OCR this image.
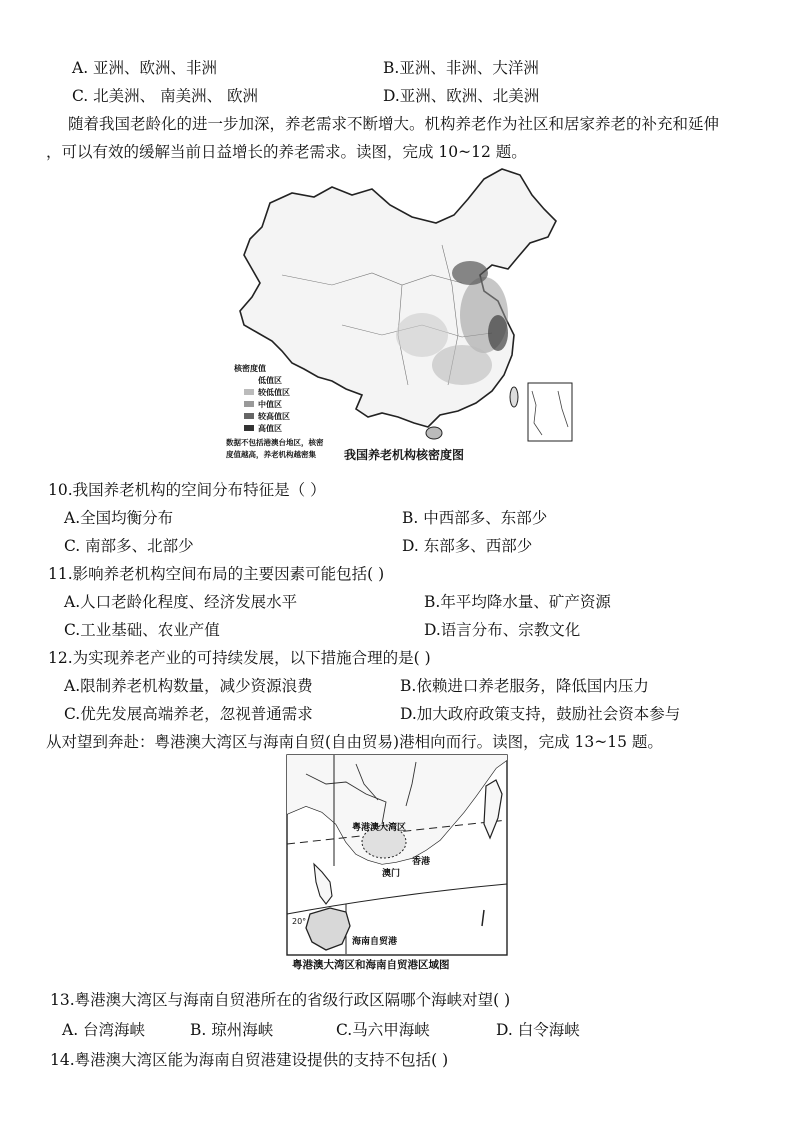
A. 亚洲、欧洲、非洲	B.亚洲、非洲、大洋洲
C. 北美洲、 南美洲、 欧洲	D.亚洲、欧洲、北美洲
随着我国老龄化的进一步加深，养老需求不断增大。机构养老作为社区和居家养老的补充和延伸
，可以有效的缓解当前日益增长的养老需求。读图，完成 10~12 题。
核密度值
低值区
较低值区
中值区
较高值区
高值区
数据不包括港澳台地区，核密
度值越高，养老机构越密集 我国养老机构核密度图
10.我国养老机构的空间分布特征是（ ）
A.全国均衡分布	B. 中西部多、东部少
C. 南部多、北部少	D. 东部多、西部少
11.影响养老机构空间布局的主要因素可能包括( )
A.人口老龄化程度、经济发展水平	B.年平均降水量、矿产资源
C.工业基础、农业产值	D.语言分布、宗教文化
12.为实现养老产业的可持续发展，以下措施合理的是( )
A.限制养老机构数量，减少资源浪费	B.依赖进口养老服务，降低国内压力
C.优先发展高端养老，忽视普通需求	D.加大政府政策支持，鼓励社会资本参与
从对望到奔赴：粤港澳大湾区与海南自贸(自由贸易)港相向而行。读图，完成 13~15 题。
粤港澳大湾区
香港
澳门
海南自贸港
20°
粤港澳大湾区和海南自贸港区域图
13.粤港澳大湾区与海南自贸港所在的省级行政区隔哪个海峡对望( )
A. 台湾海峡	B. 琼州海峡	C.马六甲海峡	D. 白令海峡
14.粤港澳大湾区能为海南自贸港建设提供的支持不包括( )
